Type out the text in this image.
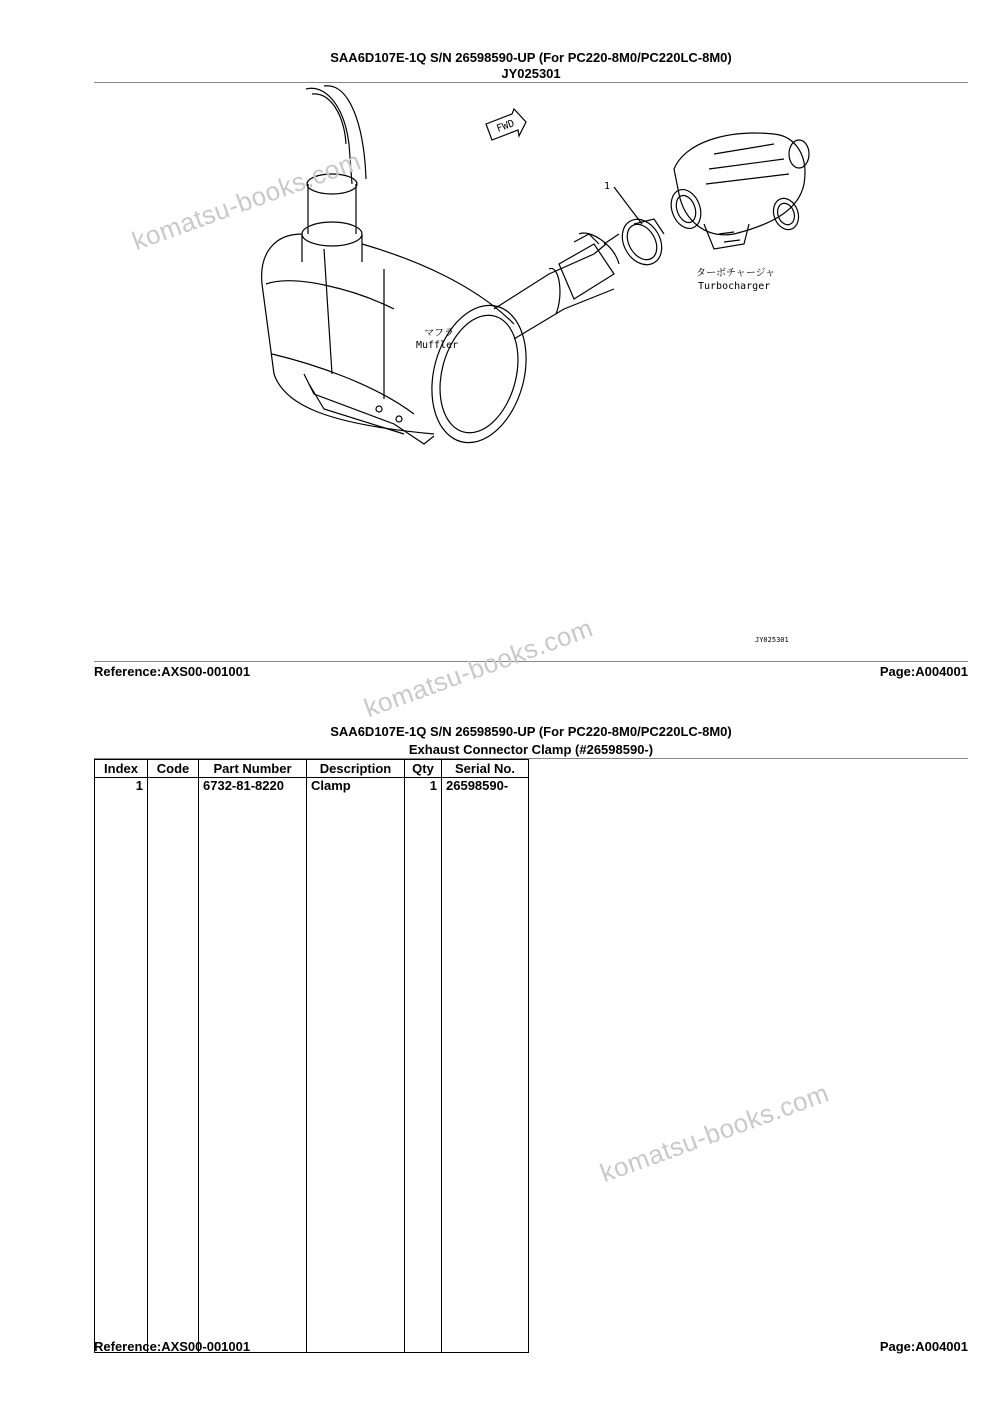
SAA6D107E-1Q S/N 26598590-UP (For PC220-8M0/PC220LC-8M0)
JY025301
FWD
1
ターボチャージャ
Turbocharger
マフラ
Muffler
JY025301
Reference:AXS00-001001	Page:A004001
SAA6D107E-1Q S/N 26598590-UP (For PC220-8M0/PC220LC-8M0)
Exhaust Connector Clamp (#26598590-)
Index	Code	Part Number	Description	Qty	Serial No.
1		6732-81-8220	Clamp	1	26598590-

Reference:AXS00-001001	Page:A004001
komatsu-books.com
komatsu-books.com
komatsu-books.com
